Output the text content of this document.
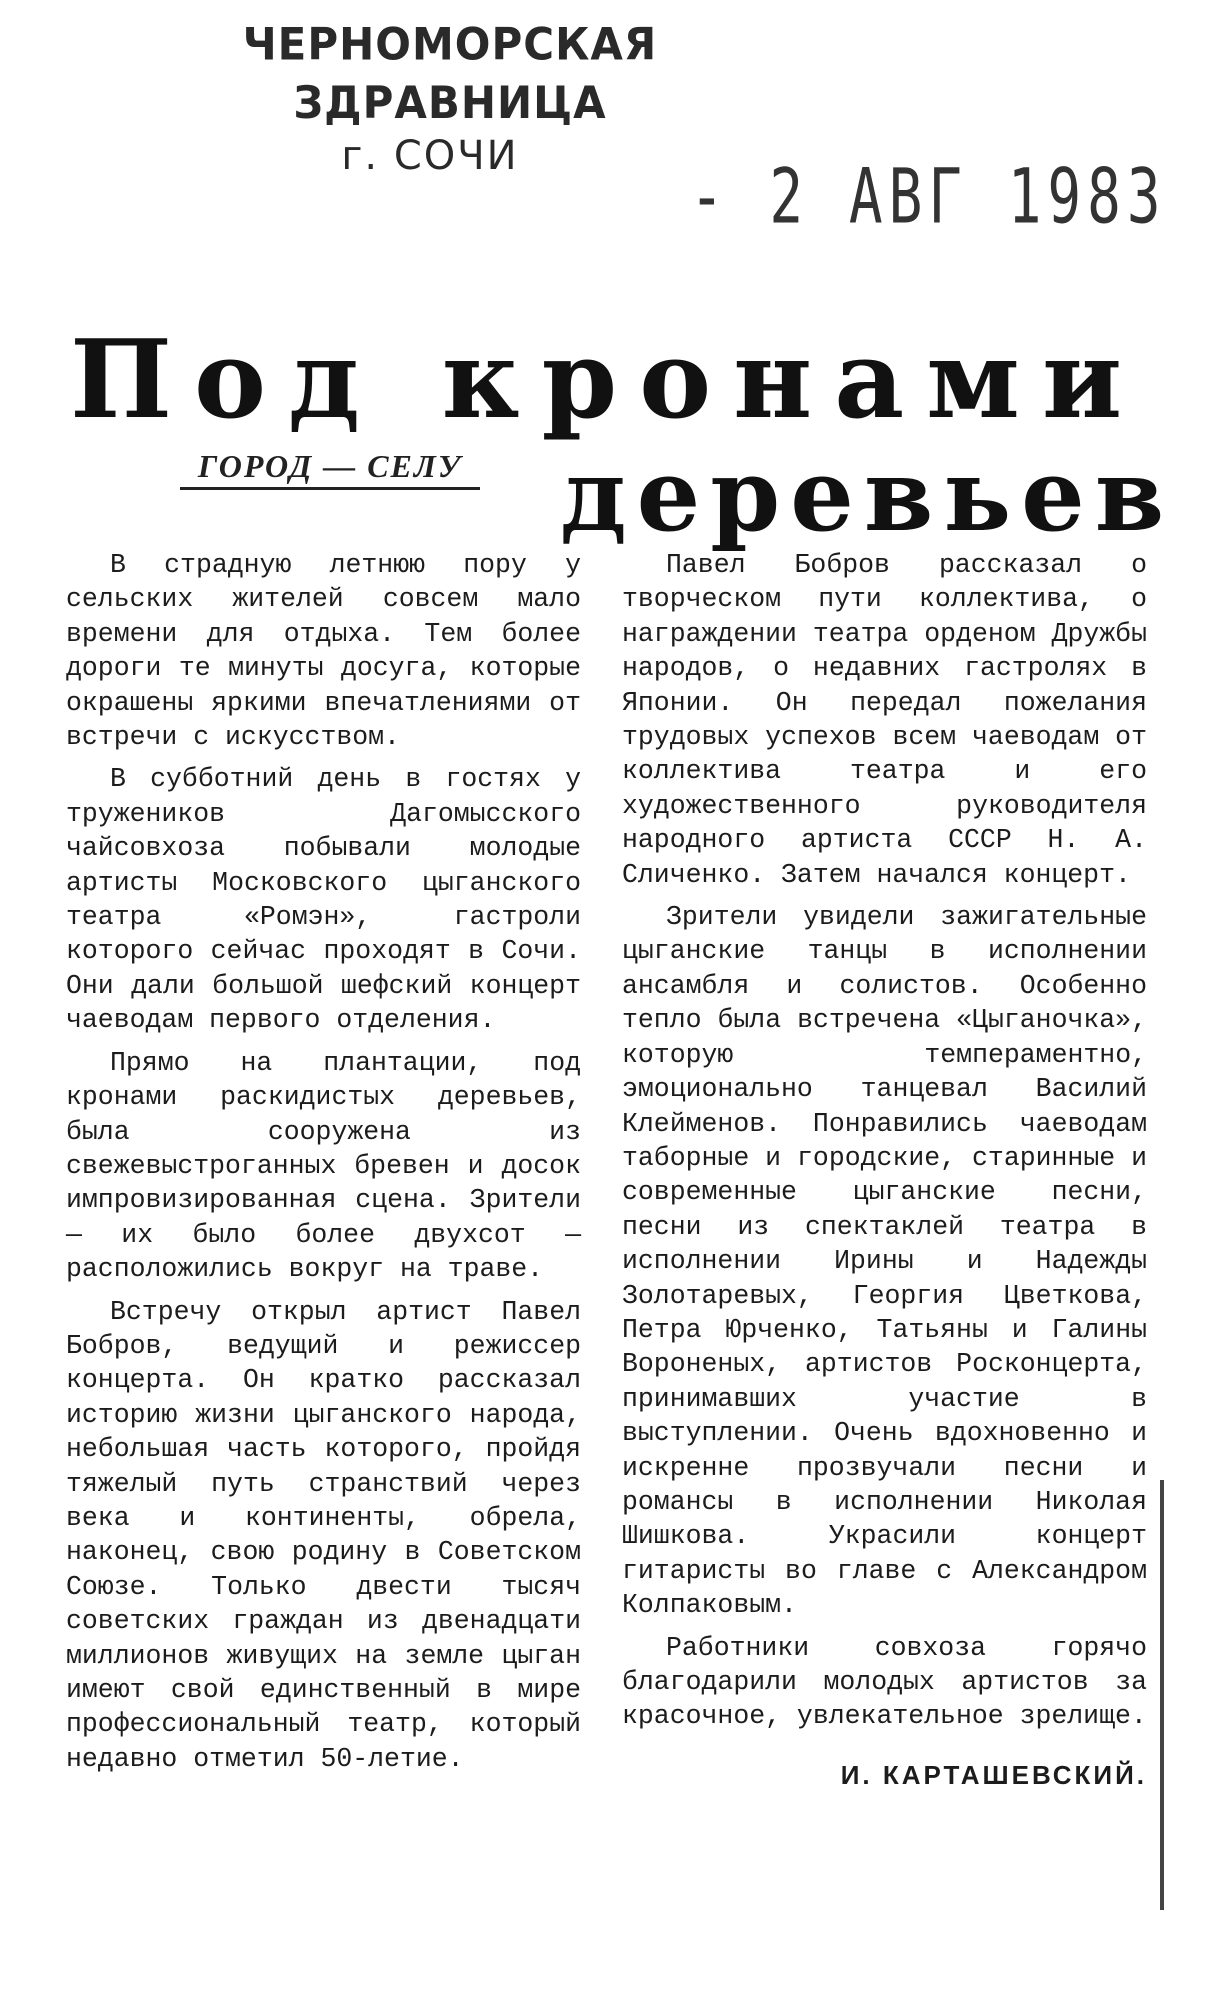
ЧЕРНОМОРСКАЯ ЗДРАВНИЦА
г. СОЧИ	- 2 АВГ 1983
Под кронами
деревьев
ГОРОД — СЕЛУ

В страдную летнюю пору у сельских жителей совсем мало времени для отдыха. Тем более дороги те минуты досуга, которые окрашены яркими впечатлениями от встречи с искусством.

В субботний день в гостях у тружеников Дагомысского чайсовхоза побывали молодые артисты Московского цыганского театра «Ромэн», гастроли которого сейчас проходят в Сочи. Они дали большой шефский концерт чаеводам первого отделения.

Прямо на плантации, под кронами раскидистых деревьев, была сооружена из свежевыстроганных бревен и досок импровизированная сцена. Зрители — их было более двухсот — расположились вокруг на траве.

Встречу открыл артист Павел Бобров, ведущий и режиссер концерта. Он кратко рассказал историю жизни цыганского народа, небольшая часть которого, пройдя тяжелый путь странствий через века и континенты, обрела, наконец, свою родину в Советском Союзе. Только двести тысяч советских граждан из двенадцати миллионов живущих на земле цыган имеют свой единственный в мире профессиональный театр, который недавно отметил 50-летие.

Павел Бобров рассказал о творческом пути коллектива, о награждении театра орденом Дружбы народов, о недавних гастролях в Японии. Он передал пожелания трудовых успехов всем чаеводам от коллектива театра и его художественного руководителя народного артиста СССР Н. А. Сличенко. Затем начался концерт.

Зрители увидели зажигательные цыганские танцы в исполнении ансамбля и солистов. Особенно тепло была встречена «Цыганочка», которую темпераментно, эмоционально танцевал Василий Клейменов. Понравились чаеводам таборные и городские, старинные и современные цыганские песни, песни из спектаклей театра в исполнении Ирины и Надежды Золотаревых, Георгия Цветкова, Петра Юрченко, Татьяны и Галины Вороненых, артистов Росконцерта, принимавших участие в выступлении. Очень вдохновенно и искренне прозвучали песни и романсы в исполнении Николая Шишкова. Украсили концерт гитаристы во главе с Александром Колпаковым.

Работники совхоза горячо благодарили молодых артистов за красочное, увлекательное зрелище.

И. КАРТАШЕВСКИЙ.
